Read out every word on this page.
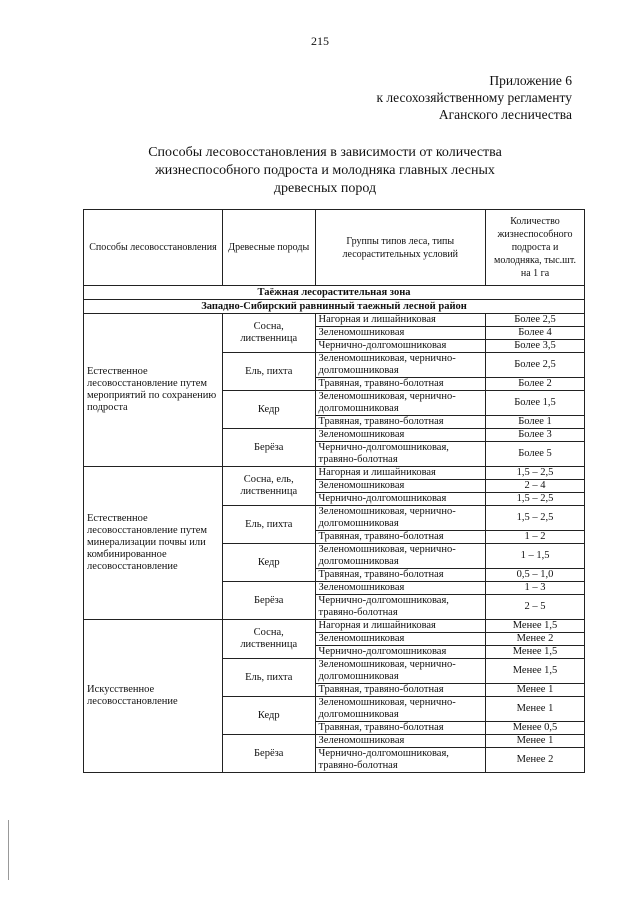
215
Приложение 6
к лесохозяйственному регламенту
Аганского лесничества
Способы лесовосстановления в зависимости от количества
жизнеспособного подроста и молодняка главных лесных
древесных пород
Способы лесовосстановления	Древесные породы	Группы типов леса, типы лесорастительных условий	Количество жизнеспособного подроста и молодняка, тыс.шт. на 1 га
Таёжная лесорастительная зона			
Западно-Сибирский равнинный таежный лесной район			
Естественное лесовосстановление путем мероприятий по сохранению подроста	Сосна, лиственница	Нагорная и лишайниковая	Более 2,5
		Зеленомошниковая	Более 4
		Чернично-долгомошниковая	Более 3,5
	Ель, пихта	Зеленомошниковая, чернично-долгомошниковая	Более 2,5
		Травяная, травяно-болотная	Более 2
	Кедр	Зеленомошниковая, чернично-долгомошниковая	Более 1,5
		Травяная, травяно-болотная	Более 1
	Берёза	Зеленомошниковая	Более 3
		Чернично-долгомошниковая, травяно-болотная	Более 5
Естественное лесовосстановление путем минерализации почвы или комбинированное лесовосстановление	Сосна, ель, лиственница	Нагорная и лишайниковая	1,5 – 2,5
		Зеленомошниковая	2 – 4
		Чернично-долгомошниковая	1,5 – 2,5
	Ель, пихта	Зеленомошниковая, чернично-долгомошниковая	1,5 – 2,5
		Травяная, травяно-болотная	1 – 2
	Кедр	Зеленомошниковая, чернично-долгомошниковая	1 – 1,5
		Травяная, травяно-болотная	0,5 – 1,0
	Берёза	Зеленомошниковая	1 – 3
		Чернично-долгомошниковая, травяно-болотная	2 – 5
Искусственное лесовосстановление	Сосна, лиственница	Нагорная и лишайниковая	Менее 1,5
		Зеленомошниковая	Менее 2
		Чернично-долгомошниковая	Менее 1,5
	Ель, пихта	Зеленомошниковая, чернично-долгомошниковая	Менее 1,5
		Травяная, травяно-болотная	Менее 1
	Кедр	Зеленомошниковая, чернично-долгомошниковая	Менее 1
		Травяная, травяно-болотная	Менее 0,5
	Берёза	Зеленомошниковая	Менее 1
		Чернично-долгомошниковая, травяно-болотная	Менее 2
